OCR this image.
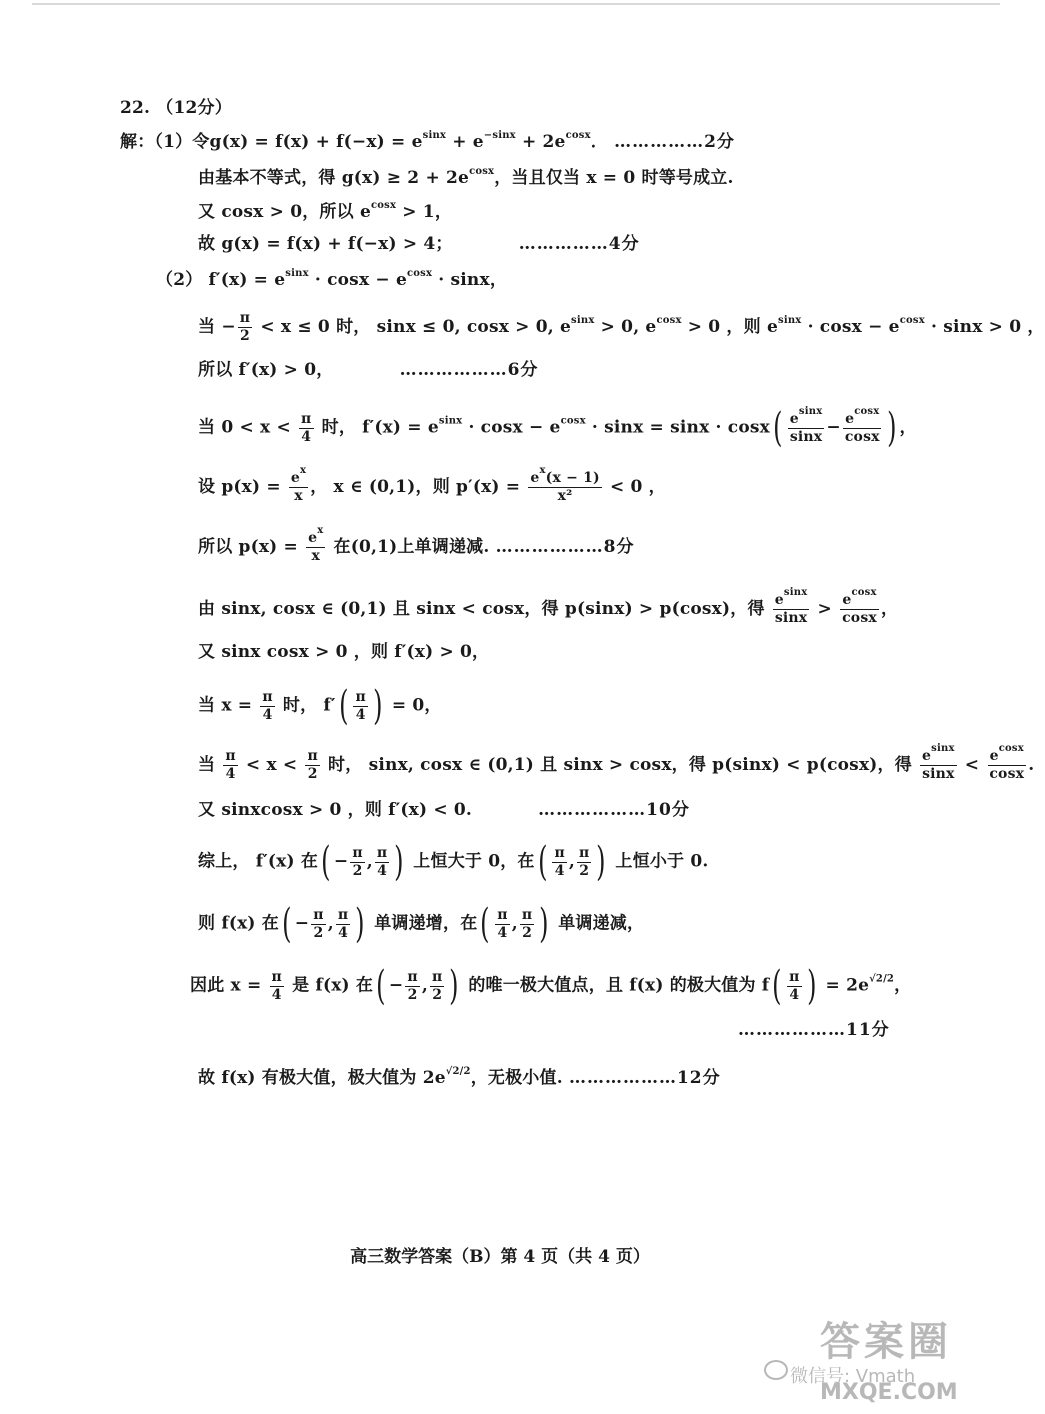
22. （12分）
解：（1）令$g(x) = f(x) + f(-x) = e^{sinx} + e^{-sinx} + 2e^{cosx}$． ……………2分
由基本不等式，得 $g(x) \ge 2 + 2e^{cosx}$，当且仅当 x = 0 时等号成立.
又 cosx > 0，所以 $e^{cosx} > 1$，
故 g(x) = f(x) + f(−x) > 4；	……………4分
（2） $f'(x) = e^{sinx} \cdot \cos x - e^{cosx} \cdot \sin x$，
当 − $\frac{\pi}{2} < x \le 0$ 时， sinx ≤ 0, cosx > 0, $e^{sinx} > 0$, $e^{cosx} > 0$ ，则 $e^{sinx} \cdot \cos x - e^{cosx} \cdot \sin x > 0$ ，
所以 f′(x) > 0，	………………6分
当 $0 < x < \frac{\pi}{4}$ 时， $f'(x) = e^{sinx} \cdot \cos x - e^{cosx} \cdot \sin x = \sin x \cdot \cos x( \frac{e^{sinx}}{\sin x} - \frac{e^{cosx}}{\cos x}$ ) ，
设 $p(x) = \frac{e^x}{x}$ ， x ∈ (0,1)，则 $p'(x) = \frac{e^x(x - 1)}{\text{x²}} < 0$ ，
所以 $p(x) = \frac{e^x}{x}$ 在(0,1)上单调递减. ………………8分
由 sinx, cosx ∈ (0,1) 且 sinx < cosx，得 p(sinx) > p(cosx)，得 $\frac{e^{sinx}}{\sin x} > \frac{e^{cosx}}{\cos x}$ ，
又 sinx cosx > 0 ，则 f′(x) > 0，
当 $x = \frac{\pi}{4}$ 时， $f'( \frac{\pi}{4}$ ) = 0，
当 $\frac{\pi}{4} < x < \frac{\pi}{2}$ 时， sinx, cosx ∈ (0,1) 且 sinx > cosx，得 p(sinx) < p(cosx)，得 $\frac{e^{sinx}}{\sin x} < \frac{e^{cosx}}{\cos x}$ .
又 sinxcosx > 0 ，则 f′(x) < 0.	………………10分
综上， f′(x) 在( − $\frac{\pi}{2}$ , $\frac{\pi}{4}$ ) 上恒大于 0，在( $\frac{\pi}{4}$ , $\frac{\pi}{2}$ ) 上恒小于 0.
则 f(x) 在( − $\frac{\pi}{2}$ , $\frac{\pi}{4}$ ) 单调递增，在( $\frac{\pi}{4}$ , $\frac{\pi}{2}$ ) 单调递减，
因此 $x = \frac{\pi}{4}$ 是 f(x) 在( − $\frac{\pi}{2}$ , $\frac{\pi}{2}$ ) 的唯一极大值点，且 f(x) 的极大值为 $f( \frac{\pi}{4}$ ) = $2e^{√2/2}$，
………………11分
故 f(x) 有极大值，极大值为 $2e^{√2/2}$，无极小值. ………………12分
高三数学答案（B）第 4 页（共 4 页）
答案圈
微信号: Vmath
MXQE.COM
